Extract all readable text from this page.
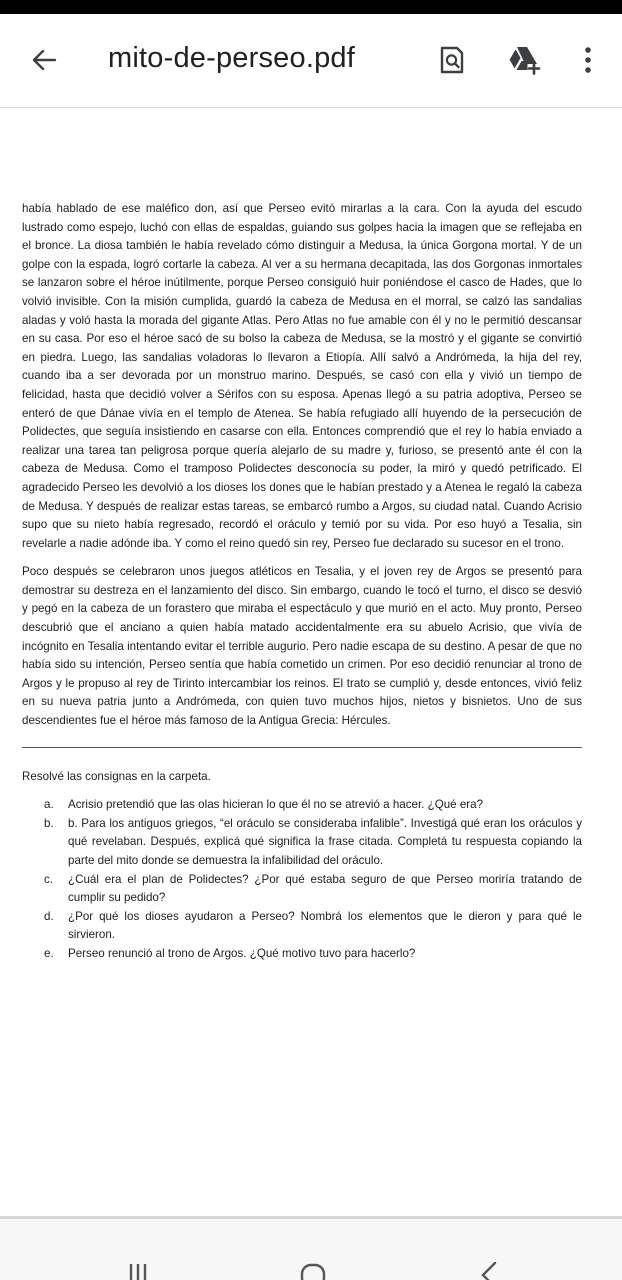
mito-de-perseo.pdf

había hablado de ese maléfico don, así que Perseo evitó mirarlas a la cara. Con la ayuda del escudo lustrado como espejo, luchó con ellas de espaldas, guiando sus golpes hacia la imagen que se reflejaba en el bronce. La diosa también le había revelado cómo distinguir a Medusa, la única Gorgona mortal. Y de un golpe con la espada, logró cortarle la cabeza. Al ver a su hermana decapitada, las dos Gorgonas inmortales se lanzaron sobre el héroe inútilmente, porque Perseo consiguió huir poniéndose el casco de Hades, que lo volvió invisible. Con la misión cumplida, guardó la cabeza de Medusa en el morral, se calzó las sandalias aladas y voló hasta la morada del gigante Atlas. Pero Atlas no fue amable con él y no le permitió descansar en su casa. Por eso el héroe sacó de su bolso la cabeza de Medusa, se la mostró y el gigante se convirtió en piedra. Luego, las sandalias voladoras lo llevaron a Etiopía. Allí salvó a Andrómeda, la hija del rey, cuando iba a ser devorada por un monstruo marino. Después, se casó con ella y vivió un tiempo de felicidad, hasta que decidió volver a Sérifos con su esposa. Apenas llegó a su patria adoptiva, Perseo se enteró de que Dánae vivía en el templo de Atenea. Se había refugiado allí huyendo de la persecución de Polidectes, que seguía insistiendo en casarse con ella. Entonces comprendió que el rey lo había enviado a realizar una tarea tan peligrosa porque quería alejarlo de su madre y, furioso, se presentó ante él con la cabeza de Medusa. Como el tramposo Polidectes desconocía su poder, la miró y quedó petrificado. El agradecido Perseo les devolvió a los dioses los dones que le habían prestado y a Atenea le regaló la cabeza de Medusa. Y después de realizar estas tareas, se embarcó rumbo a Argos, su ciudad natal. Cuando Acrisio supo que su nieto había regresado, recordó el oráculo y temió por su vida. Por eso huyó a Tesalia, sin revelarle a nadie adónde iba. Y como el reino quedó sin rey, Perseo fue declarado su sucesor en el trono.

Poco después se celebraron unos juegos atléticos en Tesalia, y el joven rey de Argos se presentó para demostrar su destreza en el lanzamiento del disco. Sin embargo, cuando le tocó el turno, el disco se desvió y pegó en la cabeza de un forastero que miraba el espectáculo y que murió en el acto. Muy pronto, Perseo descubrió que el anciano a quien había matado accidentalmente era su abuelo Acrisio, que vivía de incógnito en Tesalia intentando evitar el terrible augurio. Pero nadie escapa de su destino. A pesar de que no había sido su intención, Perseo sentía que había cometido un crimen. Por eso decidió renunciar al trono de Argos y le propuso al rey de Tirinto intercambiar los reinos. El trato se cumplió y, desde entonces, vivió feliz en su nueva patria junto a Andrómeda, con quien tuvo muchos hijos, nietos y bisnietos. Uno de sus descendientes fue el héroe más famoso de la Antigua Grecia: Hércules.

Resolvé las consignas en la carpeta.

a.	Acrisio pretendió que las olas hicieran lo que él no se atrevió a hacer. ¿Qué era?
b.	b. Para los antiguos griegos, “el oráculo se consideraba infalible”. Investigá qué eran los oráculos y qué revelaban. Después, explicá qué significa la frase citada. Completá tu respuesta copiando la parte del mito donde se demuestra la infalibilidad del oráculo.
c.	¿Cuál era el plan de Polidectes? ¿Por qué estaba seguro de que Perseo moriría tratando de cumplir su pedido?
d.	¿Por qué los dioses ayudaron a Perseo? Nombrá los elementos que le dieron y para qué le sirvieron.
e.	Perseo renunció al trono de Argos. ¿Qué motivo tuvo para hacerlo?
